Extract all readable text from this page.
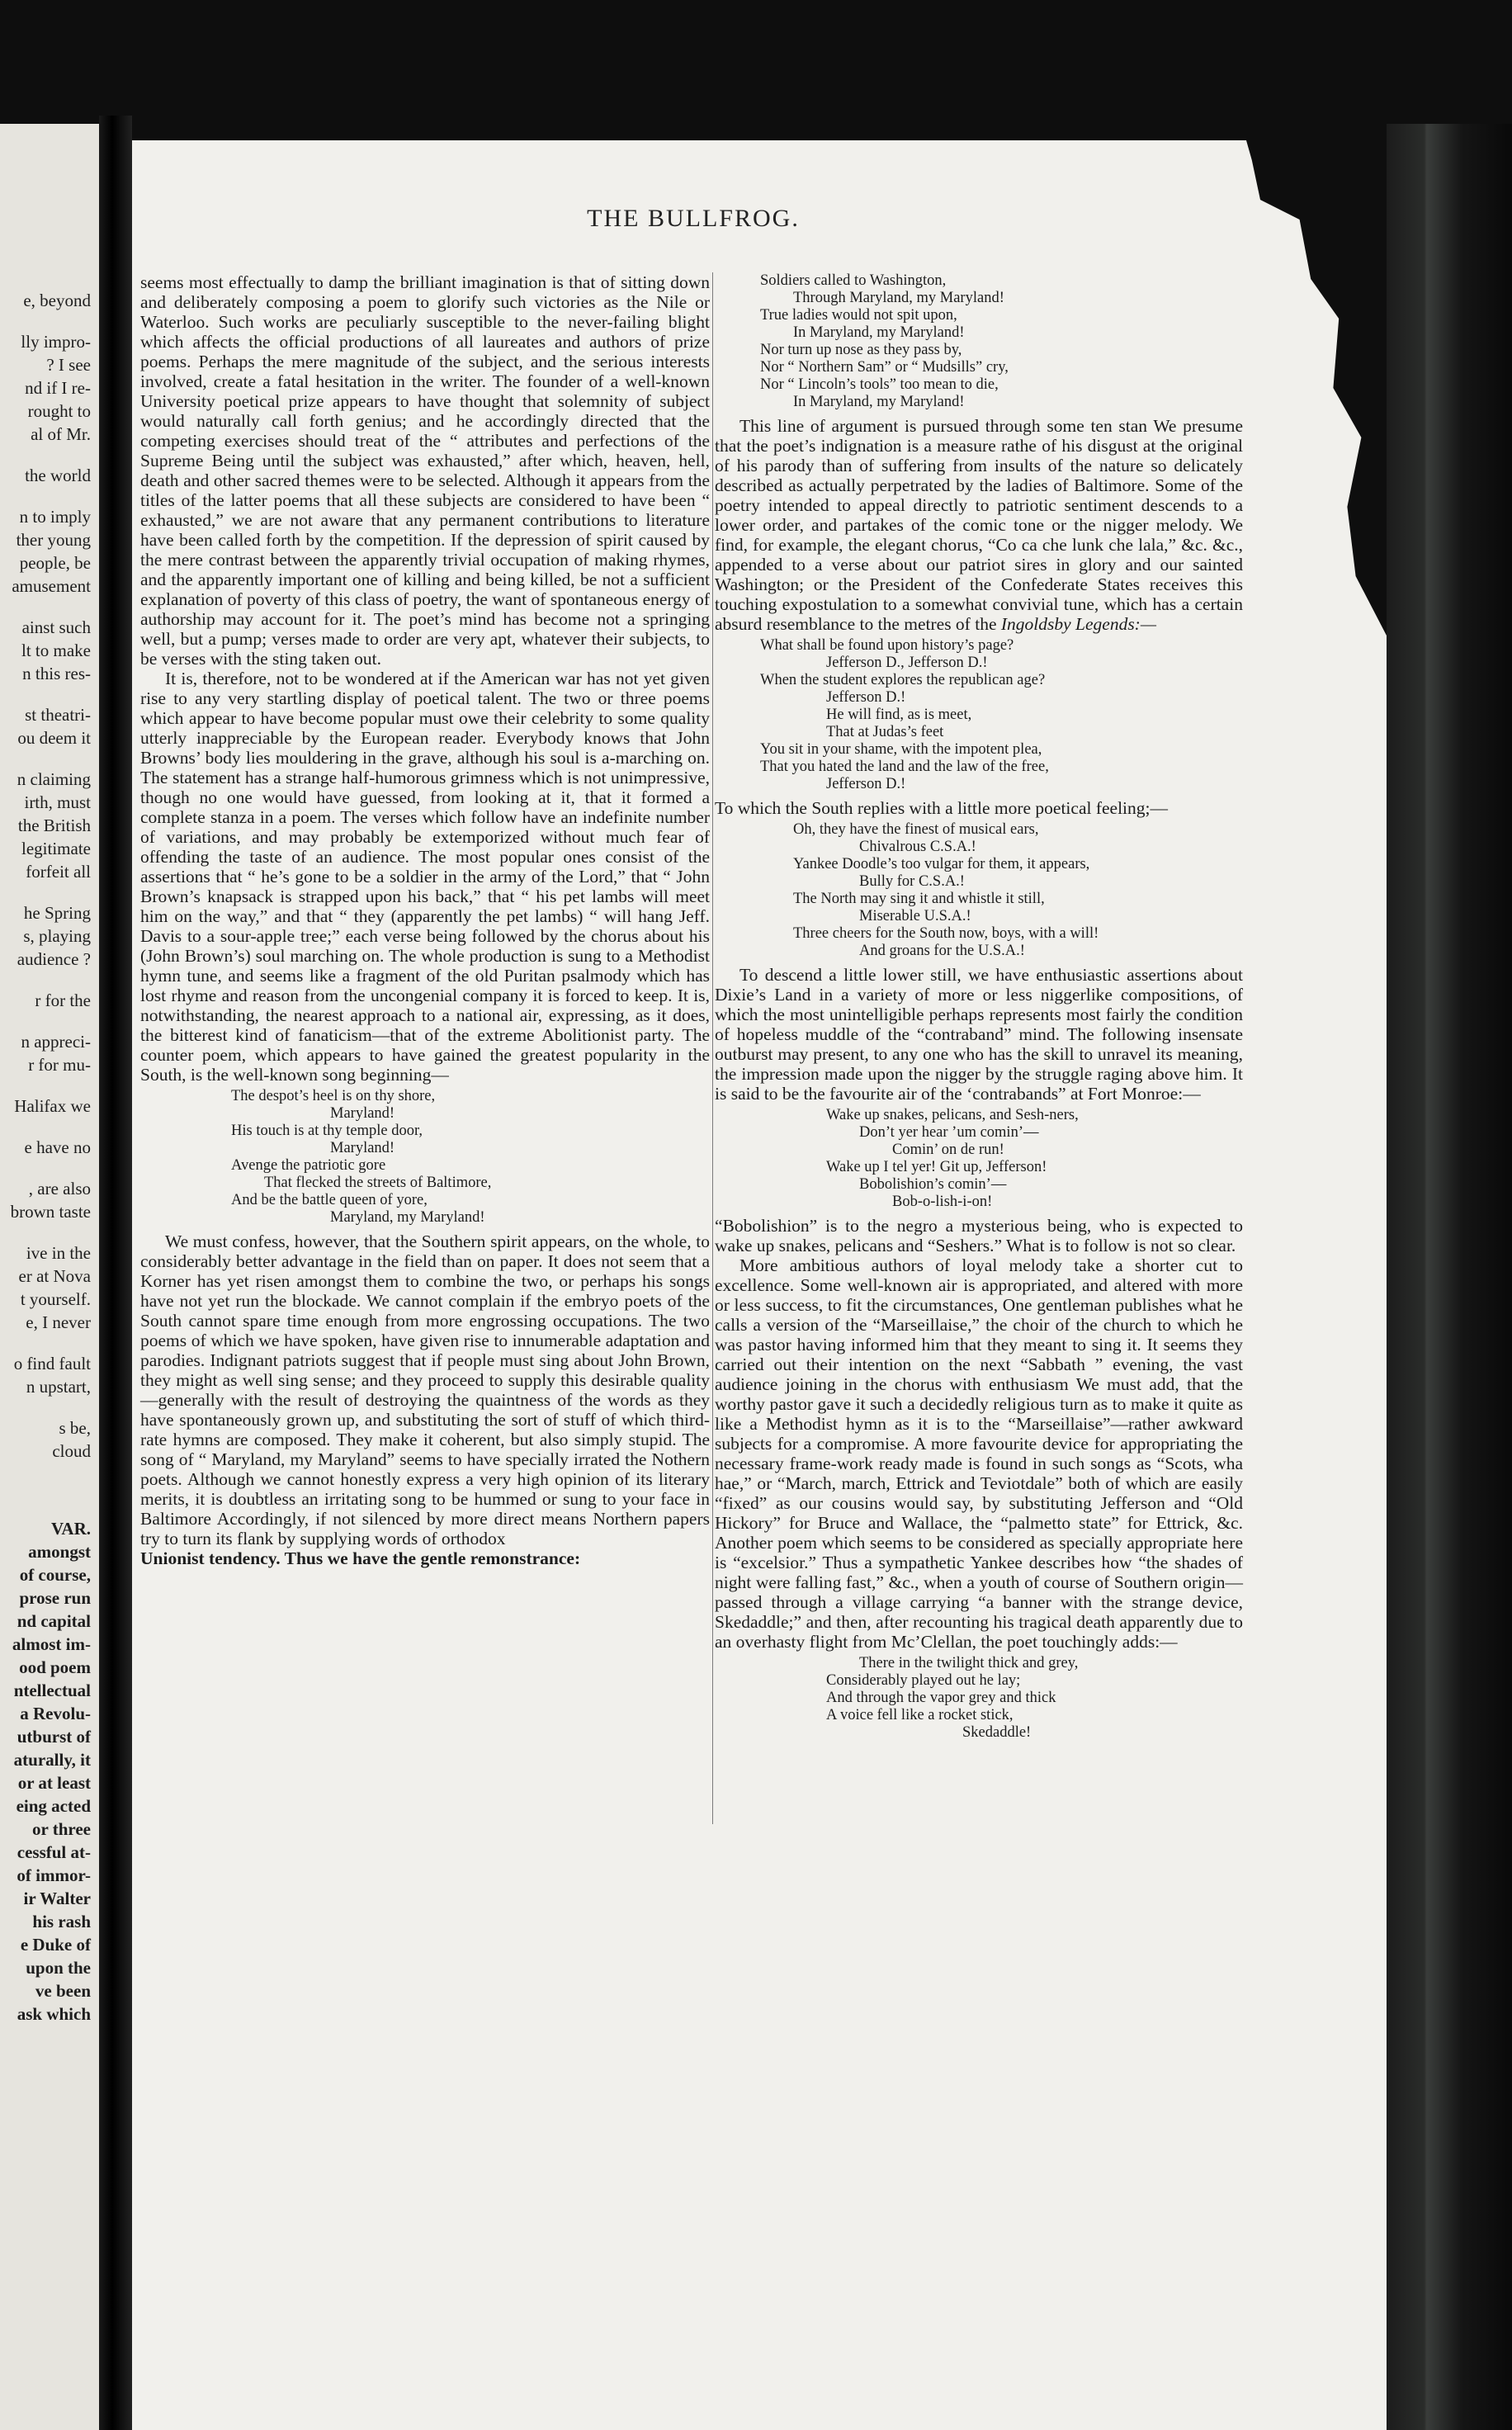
e, beyond
lly impro-
? I see
nd if I re-
rought to
al of Mr.
the world
n to imply
ther young
people, be
amusement
ainst such
lt to make
n this res-
st theatri-
ou deem it
n claiming
irth, must
the British
legitimate
forfeit all
he Spring
s, playing
audience ?
r for the
n appreci-
r for mu-
Halifax we
e have no
, are also
brown taste
ive in the
er at Nova
t yourself.
e, I never
o find fault
n upstart,
s be,
cloud
VAR.
amongst
of course,
prose run
nd capital
almost im-
ood poem
ntellectual
a Revolu-
utburst of
aturally, it
or at least
eing acted
or three
cessful at-
of immor-
ir Walter
his rash
e Duke of
upon the
ve been
ask which
THE BULLFROG.

seems most effectually to damp the brilliant imagination is that of sitting down and deliberately composing a poem to glorify such victories as the Nile or Waterloo. Such works are peculiarly susceptible to the never-failing blight which affects the official productions of all laureates and authors of prize poems. Perhaps the mere magnitude of the subject, and the serious interests involved, create a fatal hesitation in the writer. The founder of a well-known University poetical prize appears to have thought that solemnity of subject would naturally call forth genius; and he accordingly directed that the competing exercises should treat of the “ attributes and perfections of the Supreme Being until the subject was exhausted,” after which, heaven, hell, death and other sacred themes were to be selected. Although it appears from the titles of the latter poems that all these subjects are considered to have been “ exhausted,” we are not aware that any permanent contributions to literature have been called forth by the competition. If the depression of spirit caused by the mere contrast between the apparently trivial occupation of making rhymes, and the apparently important one of killing and being killed, be not a sufficient explanation of poverty of this class of poetry, the want of spontaneous energy of authorship may account for it. The poet’s mind has become not a springing well, but a pump; verses made to order are very apt, whatever their subjects, to be verses with the sting taken out.

It is, therefore, not to be wondered at if the American war has not yet given rise to any very startling display of poetical talent. The two or three poems which appear to have become popular must owe their celebrity to some quality utterly inappreciable by the European reader. Everybody knows that John Browns’ body lies mouldering in the grave, although his soul is a-marching on. The statement has a strange half-humorous grimness which is not unimpressive, though no one would have guessed, from looking at it, that it formed a complete stanza in a poem. The verses which follow have an indefinite number of variations, and may probably be extemporized without much fear of offending the taste of an audience. The most popular ones consist of the assertions that “ he’s gone to be a soldier in the army of the Lord,” that “ John Brown’s knapsack is strapped upon his back,” that “ his pet lambs will meet him on the way,” and that “ they (apparently the pet lambs) “ will hang Jeff. Davis to a sour-apple tree;” each verse being followed by the chorus about his (John Brown’s) soul marching on. The whole production is sung to a Methodist hymn tune, and seems like a fragment of the old Puritan psalmody which has lost rhyme and reason from the uncongenial company it is forced to keep. It is, notwithstanding, the nearest approach to a national air, expressing, as it does, the bitterest kind of fanaticism—that of the extreme Abolitionist party. The counter poem, which appears to have gained the greatest popularity in the South, is the well-known song beginning—

The despot’s heel is on thy shore,
Maryland!
His touch is at thy temple door,
Maryland!
Avenge the patriotic gore
That flecked the streets of Baltimore,
And be the battle queen of yore,
Maryland, my Maryland!

We must confess, however, that the Southern spirit appears, on the whole, to considerably better advantage in the field than on paper. It does not seem that a Korner has yet risen amongst them to combine the two, or perhaps his songs have not yet run the blockade. We cannot complain if the embryo poets of the South cannot spare time enough from more engrossing occupations. The two poems of which we have spoken, have given rise to innumerable adaptation and parodies. Indignant patriots suggest that if people must sing about John Brown, they might as well sing sense; and they proceed to supply this desirable quality—generally with the result of destroying the quaintness of the words as they have spontaneously grown up, and substituting the sort of stuff of which third-rate hymns are composed. They make it coherent, but also simply stupid. The song of “ Maryland, my Maryland” seems to have specially irrated the Nothern poets. Although we cannot honestly express a very high opinion of its literary merits, it is doubtless an irritating song to be hummed or sung to your face in Baltimore Accordingly, if not silenced by more direct means Northern papers try to turn its flank by supplying words of orthodox

Unionist tendency. Thus we have the gentle remonstrance:

Soldiers called to Washington,
Through Maryland, my Maryland!
True ladies would not spit upon,
In Maryland, my Maryland!
Nor turn up nose as they pass by,
Nor “ Northern Sam” or “ Mudsills” cry,
Nor “ Lincoln’s tools” too mean to die,
In Maryland, my Maryland!

This line of argument is pursued through some ten stan We presume that the poet’s indignation is a measure rathe of his disgust at the original of his parody than of suffering from insults of the nature so delicately described as actually perpetrated by the ladies of Baltimore. Some of the poetry intended to appeal directly to patriotic sentiment descends to a lower order, and partakes of the comic tone or the nigger melody. We find, for example, the elegant chorus, “Co ca che lunk che lala,” &c. &c., appended to a verse about our patriot sires in glory and our sainted Washington; or the President of the Confederate States receives this touching expostulation to a somewhat convivial tune, which has a certain absurd resemblance to the metres of the Ingoldsby Legends:—

What shall be found upon history’s page?
Jefferson D., Jefferson D.!
When the student explores the republican age?
Jefferson D.!
He will find, as is meet,
That at Judas’s feet
You sit in your shame, with the impotent plea,
That you hated the land and the law of the free,
Jefferson D.!

To which the South replies with a little more poetical feeling;—

Oh, they have the finest of musical ears,
Chivalrous C.S.A.!
Yankee Doodle’s too vulgar for them, it appears,
Bully for C.S.A.!
The North may sing it and whistle it still,
Miserable U.S.A.!
Three cheers for the South now, boys, with a will!
And groans for the U.S.A.!

To descend a little lower still, we have enthusiastic assertions about Dixie’s Land in a variety of more or less niggerlike compositions, of which the most unintelligible perhaps represents most fairly the condition of hopeless muddle of the “contraband” mind. The following insensate outburst may present, to any one who has the skill to unravel its meaning, the impression made upon the nigger by the struggle raging above him. It is said to be the favourite air of the ‘contrabands” at Fort Monroe:—

Wake up snakes, pelicans, and Sesh-ners,
Don’t yer hear ’um comin’—
Comin’ on de run!
Wake up I tel yer! Git up, Jefferson!
Bobolishion’s comin’—
Bob-o-lish-i-on!

“Bobolishion” is to the negro a mysterious being, who is expected to wake up snakes, pelicans and “Seshers.” What is to follow is not so clear.

More ambitious authors of loyal melody take a shorter cut to excellence. Some well-known air is appropriated, and altered with more or less success, to fit the circumstances, One gentleman publishes what he calls a version of the “Marseillaise,” the choir of the church to which he was pastor having informed him that they meant to sing it. It seems they carried out their intention on the next “Sabbath ” evening, the vast audience joining in the chorus with enthusiasm We must add, that the worthy pastor gave it such a decidedly religious turn as to make it quite as like a Methodist hymn as it is to the “Marseillaise”—rather awkward subjects for a compromise. A more favourite device for appropriating the necessary frame-work ready made is found in such songs as “Scots, wha hae,” or “March, march, Ettrick and Teviotdale” both of which are easily “fixed” as our cousins would say, by substituting Jefferson and “Old Hickory” for Bruce and Wallace, the “palmetto state” for Ettrick, &c. Another poem which seems to be considered as specially appropriate here is “excelsior.” Thus a sympathetic Yankee describes how “the shades of night were falling fast,” &c., when a youth of course of Southern origin—passed through a village carrying “a banner with the strange device, Skedaddle;” and then, after recounting his tragical death apparently due to an overhasty flight from Mc’Clellan, the poet touchingly adds:—

There in the twilight thick and grey,
Considerably played out he lay;
And through the vapor grey and thick
A voice fell like a rocket stick,
Skedaddle!
